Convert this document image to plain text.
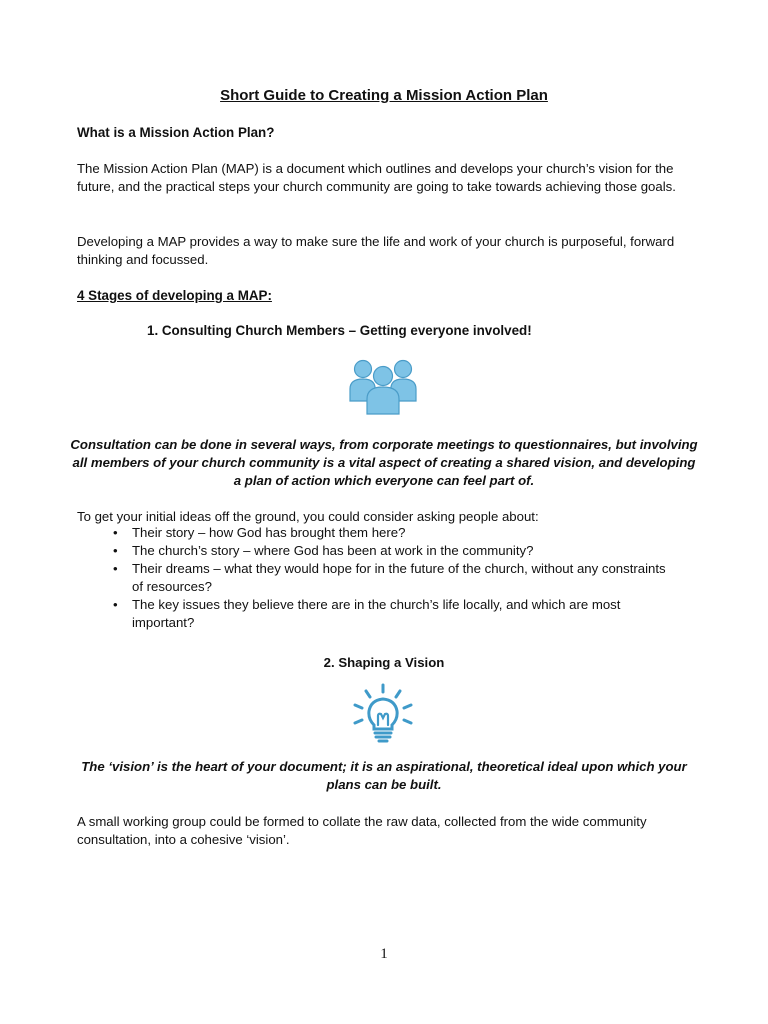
Short Guide to Creating a Mission Action Plan
What is a Mission Action Plan?

The Mission Action Plan (MAP) is a document which outlines and develops your church’s vision for the future, and the practical steps your church community are going to take towards achieving those goals.

Developing a MAP provides a way to make sure the life and work of your church is purposeful, forward thinking and focussed.

4 Stages of developing a MAP:
1. Consulting Church Members – Getting everyone involved!

Consultation can be done in several ways, from corporate meetings to questionnaires, but involving all members of your church community is a vital aspect of creating a shared vision, and developing a plan of action which everyone can feel part of.

To get your initial ideas off the ground, you could consider asking people about:

• Their story – how God has brought them here?
• The church’s story – where God has been at work in the community?
• Their dreams – what they would hope for in the future of the church, without any constraints of resources?
• The key issues they believe there are in the church’s life locally, and which are most important?
2. Shaping a Vision

The ‘vision’ is the heart of your document; it is an aspirational, theoretical ideal upon which your plans can be built.

A small working group could be formed to collate the raw data, collected from the wide community consultation, into a cohesive ‘vision’.

1
